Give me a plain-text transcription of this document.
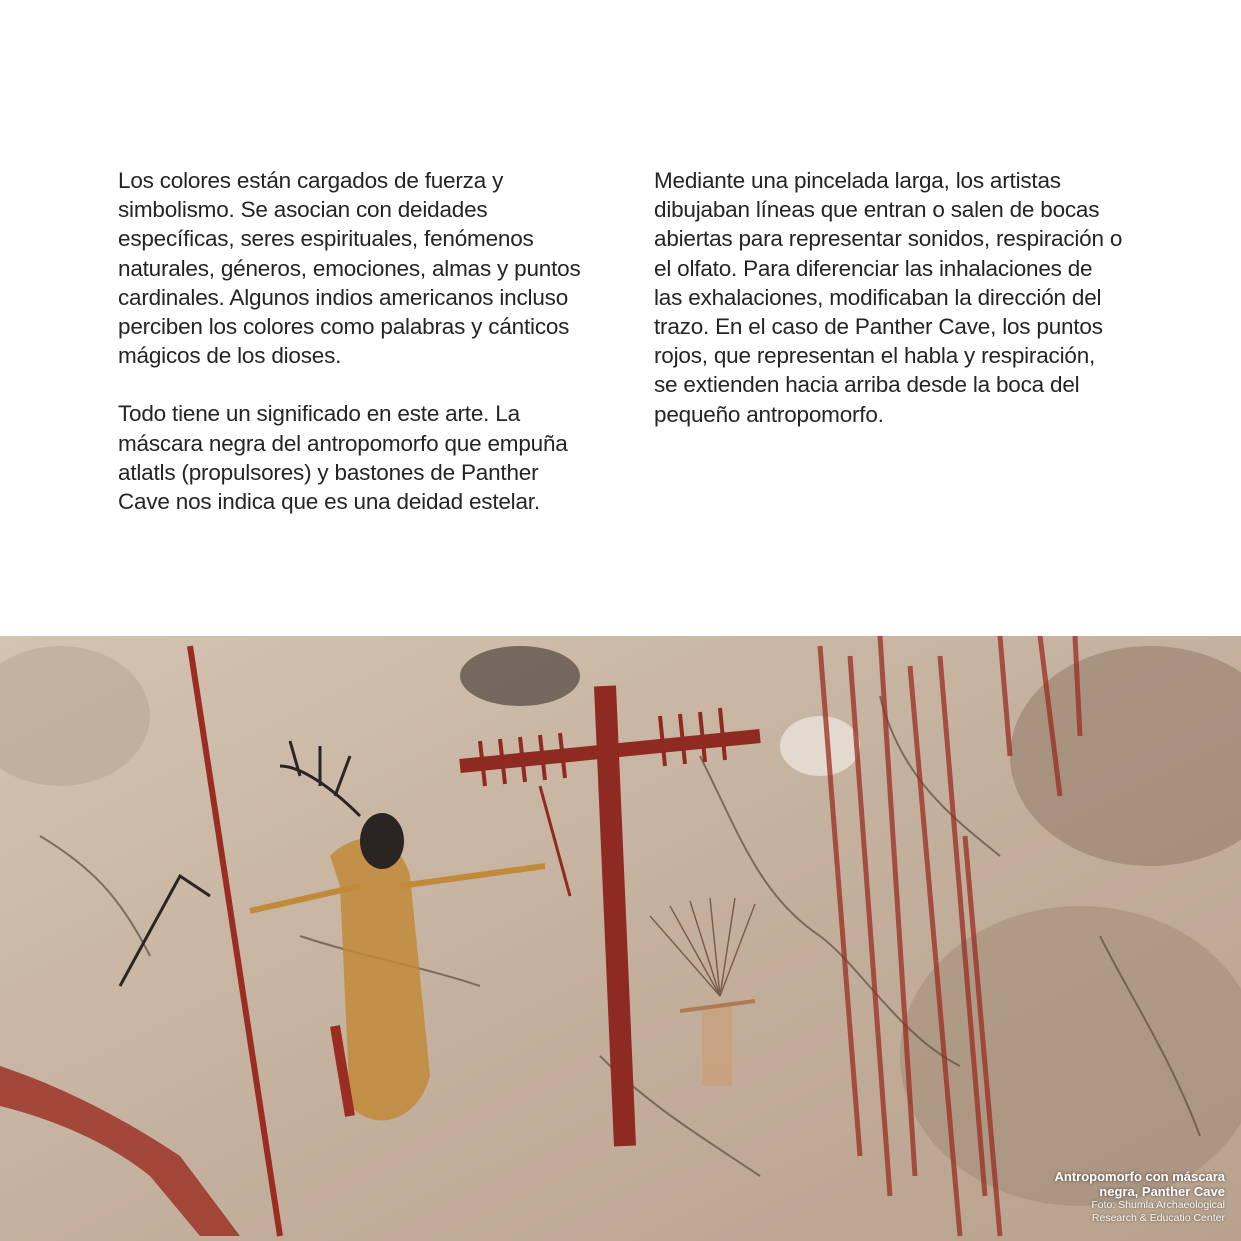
Los colores están cargados de fuerza y simbolismo. Se asocian con deidades específicas, seres espirituales, fenómenos naturales, géneros, emociones, almas y puntos cardinales. Algunos indios americanos incluso perciben los colores como palabras y cánticos mágicos de los dioses.

Todo tiene un significado en este arte. La máscara negra del antropomorfo que empuña atlatls (propulsores) y bastones de Panther Cave nos indica que es una deidad estelar.

Mediante una pincelada larga, los artistas dibujaban líneas que entran o salen de bocas abiertas para representar sonidos, respiración o el olfato. Para diferenciar las inhalaciones de las exhalaciones, modificaban la dirección del trazo. En el caso de Panther Cave, los puntos rojos, que representan el habla y respiración, se extienden hacia arriba desde la boca del pequeño antropomorfo.

Antropomorfo con máscara
negra, Panther Cave
Foto: Shumla Archaeological
Research & Educatio Center
